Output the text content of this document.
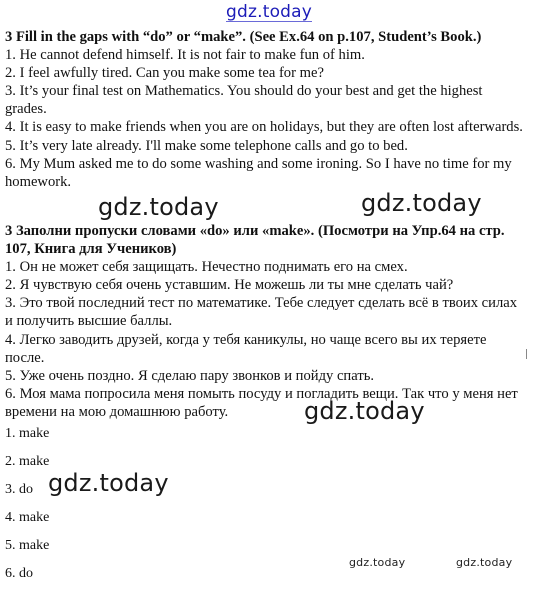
gdz.today

3 Fill in the gaps with “do” or “make”. (See Ex.64 on p.107, Student’s Book.)

1. He cannot defend himself. It is not fair to make fun of him.

2. I feel awfully tired. Can you make some tea for me?

3. It’s your final test on Mathematics. You should do your best and get the highest grades.

4. It is easy to make friends when you are on holidays, but they are often lost afterwards.

5. It’s very late already. I'll make some telephone calls and go to bed.

6. My Mum asked me to do some washing and some ironing. So I have no time for my homework.

gdz.today	gdz.today

3 Заполни пропуски словами «do» или «make». (Посмотри на Упр.64 на стр. 107, Книга для Учеников)

1. Он не может себя защищать. Нечестно поднимать его на смех.

2. Я чувствую себя очень уставшим. Не можешь ли ты мне сделать чай?

3. Это твой последний тест по математике. Тебе следует сделать всё в твоих силах и получить высшие баллы.

4. Легко заводить друзей, когда у тебя каникулы, но чаще всего вы их теряете после.

5. Уже очень поздно. Я сделаю пару звонков и пойду спать.

6. Моя мама попросила меня помыть посуду и погладить вещи. Так что у меня нет времени на мою домашнюю работу.	gdz.today
1. make
2. make
3. do
4. make
5. make
6. do
gdz.today
gdz.today	gdz.today
